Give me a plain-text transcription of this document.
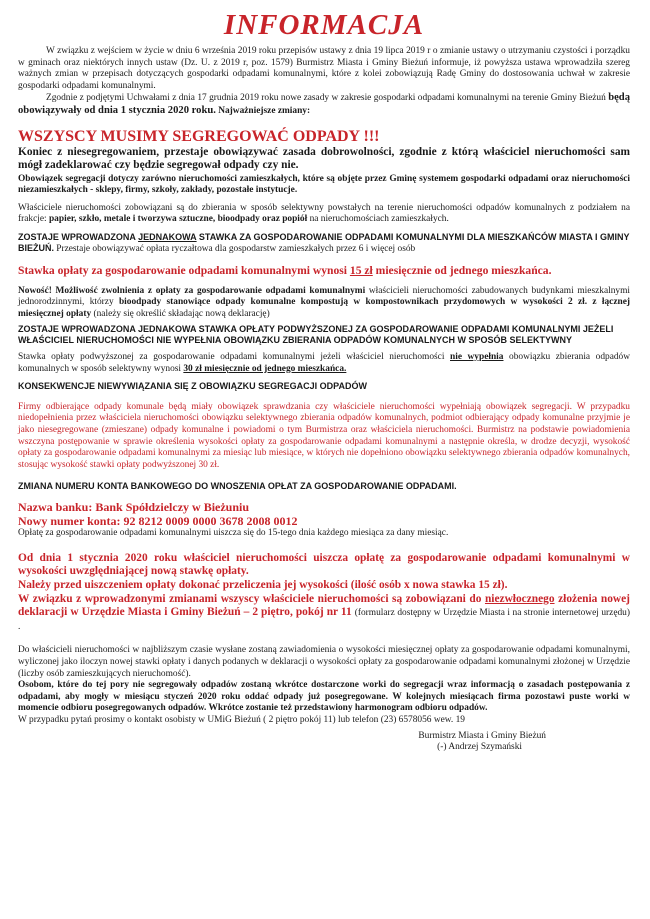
INFORMACJA

W związku z wejściem w życie w dniu 6 września 2019 roku przepisów ustawy z dnia 19 lipca 2019 r o zmianie ustawy o utrzymaniu czystości i porządku w gminach oraz niektórych innych ustaw (Dz. U. z 2019 r, poz. 1579) Burmistrz Miasta i Gminy Bieżuń informuje, iż powyższa ustawa wprowadziła szereg ważnych zmian w przepisach dotyczących gospodarki odpadami komunalnymi, które z kolei zobowiązują Radę Gminy do dostosowania uchwał w zakresie gospodarki odpadami komunalnymi.

Zgodnie z podjętymi Uchwałami z dnia 17 grudnia 2019 roku nowe zasady w zakresie gospodarki odpadami komunalnymi na terenie Gminy Bieżuń będą obowiązywały od dnia 1 stycznia 2020 roku. Najważniejsze zmiany:

WSZYSCY MUSIMY SEGREGOWAĆ ODPADY !!!

Koniec z niesegregowaniem, przestaje obowiązywać zasada dobrowolności, zgodnie z którą właściciel nieruchomości sam mógł zadeklarować czy będzie segregował odpady czy nie.

Obowiązek segregacji dotyczy zarówno nieruchomości zamieszkałych, które są objęte przez Gminę systemem gospodarki odpadami oraz nieruchomości niezamieszkałych - sklepy, firmy, szkoły, zakłady, pozostałe instytucje.

Właściciele nieruchomości zobowiązani są do zbierania w sposób selektywny powstałych na terenie nieruchomości odpadów komunalnych z podziałem na frakcje: papier, szkło, metale i tworzywa sztuczne, bioodpady oraz popiół na nieruchomościach zamieszkałych.

ZOSTAJE WPROWADZONA JEDNAKOWA STAWKA ZA GOSPODAROWANIE ODPADAMI KOMUNALNYMI DLA MIESZKAŃCÓW MIASTA I GMINY BIEŻUŃ. Przestaje obowiązywać opłata ryczałtowa dla gospodarstw zamieszkałych przez 6 i więcej osób

Stawka opłaty za gospodarowanie odpadami komunalnymi wynosi 15 zł miesięcznie od jednego mieszkańca.

Nowość! Możliwość zwolnienia z opłaty za gospodarowanie odpadami komunalnymi właścicieli nieruchomości zabudowanych budynkami mieszkalnymi jednorodzinnymi, którzy bioodpady stanowiące odpady komunalne kompostują w kompostownikach przydomowych w wysokości 2 zł. z łącznej miesięcznej opłaty (należy się określić składając nową deklarację)

ZOSTAJE WPROWADZONA JEDNAKOWA STAWKA OPŁATY PODWYŻSZONEJ ZA GOSPODAROWANIE ODPADAMI KOMUNALNYMI JEŻELI WŁAŚCICIEL NIERUCHOMOŚCI NIE WYPEŁNIA OBOWIĄZKU ZBIERANIA ODPADÓW KOMUNALNYCH W SPOSÓB SELEKTYWNY

Stawka opłaty podwyższonej za gospodarowanie odpadami komunalnymi jeżeli właściciel nieruchomości nie wypełnia obowiązku zbierania odpadów komunalnych w sposób selektywny wynosi 30 zł miesięcznie od jednego mieszkańca.

KONSEKWENCJE NIEWYWIĄZANIA SIĘ Z OBOWIĄZKU SEGREGACJI ODPADÓW

Firmy odbierające odpady komunale będą miały obowiązek sprawdzania czy właściciele nieruchomości wypełniają obowiązek segregacji. W przypadku niedopełnienia przez właściciela nieruchomości obowiązku selektywnego zbierania odpadów komunalnych, podmiot odbierający odpady komunalne przyjmie je jako niesegregowane (zmieszane) odpady komunalne i powiadomi o tym Burmistrza oraz właściciela nieruchomości. Burmistrz na podstawie powiadomienia wszczyna postępowanie w sprawie określenia wysokości opłaty za gospodarowanie odpadami komunalnymi a następnie określa, w drodze decyzji, wysokość opłaty za gospodarowanie odpadami komunalnymi za miesiąc lub miesiące, w których nie dopełniono obowiązku selektywnego zbierania odpadów komunalnych, stosując wysokość stawki opłaty podwyższonej 30 zł.

ZMIANA NUMERU KONTA BANKOWEGO DO WNOSZENIA OPŁAT ZA GOSPODAROWANIE ODPADAMI.

Nazwa banku: Bank Spółdzielczy w Bieżuniu

Nowy numer konta: 92 8212 0009 0000 3678 2008 0012

Opłatę za gospodarowanie odpadami komunalnymi uiszcza się do 15-tego dnia każdego miesiąca za dany miesiąc.

Od dnia 1 stycznia 2020 roku właściciel nieruchomości uiszcza opłatę za gospodarowanie odpadami komunalnymi w wysokości uwzględniającej nową stawkę opłaty.

Należy przed uiszczeniem opłaty dokonać przeliczenia jej wysokości (ilość osób x nowa stawka 15 zł).

W związku z wprowadzonymi zmianami wszyscy właściciele nieruchomości są zobowiązani do niezwłocznego złożenia nowej deklaracji w Urzędzie Miasta i Gminy Bieżuń – 2 piętro, pokój nr 11 (formularz dostępny w Urzędzie Miasta i na stronie internetowej urzędu) .

Do właścicieli nieruchomości w najbliższym czasie wysłane zostaną zawiadomienia o wysokości miesięcznej opłaty za gospodarowanie odpadami komunalnymi, wyliczonej jako iloczyn nowej stawki opłaty i danych podanych w deklaracji o wysokości opłaty za gospodarowanie odpadami komunalnymi złożonej w Urzędzie (liczby osób zamieszkujących nieruchomość).

Osobom, które do tej pory nie segregowały odpadów zostaną wkrótce dostarczone worki do segregacji wraz informacją o zasadach postępowania z odpadami, aby mogły w miesiącu styczeń 2020 roku oddać odpady już posegregowane. W kolejnych miesiącach firma pozostawi puste worki w momencie odbioru posegregowanych odpadów. Wkrótce zostanie też przedstawiony harmonogram odbioru odpadów.

W przypadku pytań prosimy o kontakt osobisty w UMiG Bieżuń ( 2 piętro pokój 11) lub telefon (23) 6578056 wew. 19

Burmistrz Miasta i Gminy Bieżuń

(-) Andrzej Szymański
